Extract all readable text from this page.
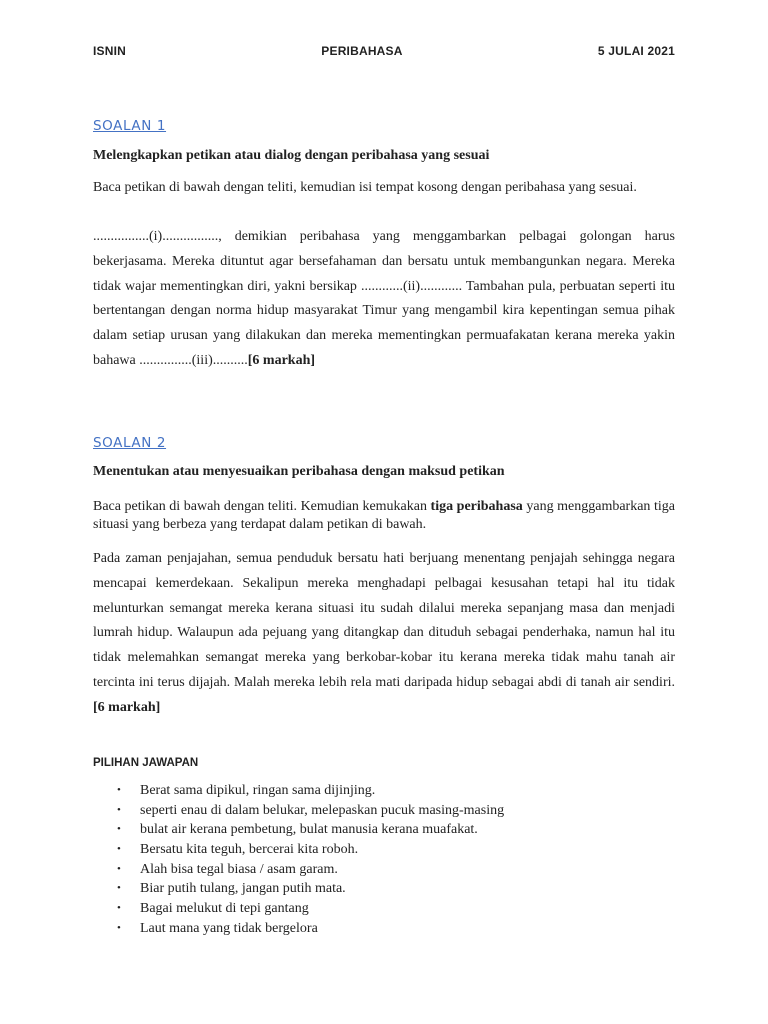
ISNIN	PERIBAHASA	5 JULAI 2021
SOALAN 1
Melengkapkan petikan atau dialog dengan peribahasa yang sesuai

Baca petikan di bawah dengan teliti, kemudian isi tempat kosong dengan peribahasa yang sesuai.

................(i)................, demikian peribahasa yang menggambarkan pelbagai golongan harus bekerjasama. Mereka dituntut agar bersefahaman dan bersatu untuk membangunkan negara. Mereka tidak wajar mementingkan diri, yakni bersikap ............(ii)............ Tambahan pula, perbuatan seperti itu bertentangan dengan norma hidup masyarakat Timur yang mengambil kira kepentingan semua pihak dalam setiap urusan yang dilakukan dan mereka mementingkan permuafakatan kerana mereka yakin bahawa ...............(iii)..........[6 markah]

SOALAN 2
Menentukan atau menyesuaikan peribahasa dengan maksud petikan

Baca petikan di bawah dengan teliti. Kemudian kemukakan tiga peribahasa yang menggambarkan tiga situasi yang berbeza yang terdapat dalam petikan di bawah.

Pada zaman penjajahan, semua penduduk bersatu hati berjuang menentang penjajah sehingga negara mencapai kemerdekaan. Sekalipun mereka menghadapi pelbagai kesusahan tetapi hal itu tidak melunturkan semangat mereka kerana situasi itu sudah dilalui mereka sepanjang masa dan menjadi lumrah hidup. Walaupun ada pejuang yang ditangkap dan dituduh sebagai penderhaka, namun hal itu tidak melemahkan semangat mereka yang berkobar-kobar itu kerana mereka tidak mahu tanah air tercinta ini terus dijajah. Malah mereka lebih rela mati daripada hidup sebagai abdi di tanah air sendiri. [6 markah]

PILIHAN JAWAPAN
•	Berat sama dipikul, ringan sama dijinjing.
•	seperti enau di dalam belukar, melepaskan pucuk masing-masing
•	bulat air kerana pembetung, bulat manusia kerana muafakat.
•	Bersatu kita teguh, bercerai kita roboh.
•	Alah bisa tegal biasa / asam garam.
•	Biar putih tulang, jangan putih mata.
•	Bagai melukut di tepi gantang
•	Laut mana yang tidak bergelora
